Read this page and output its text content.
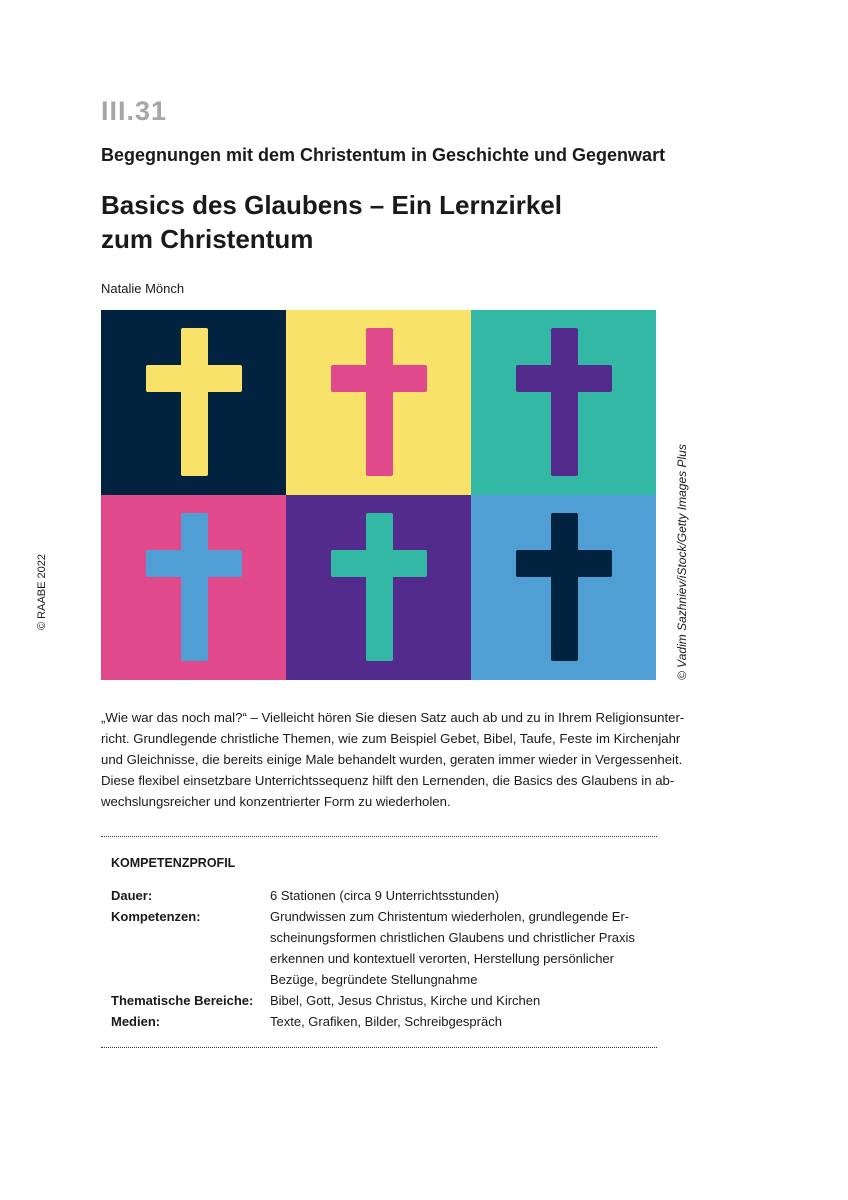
III.31
Begegnungen mit dem Christentum in Geschichte und Gegenwart
Basics des Glaubens – Ein Lernzirkel
zum Christentum
Natalie Mönch
© RAABE 2022	© Vadim Sazhniev/iStock/Getty Images Plus
„Wie war das noch mal?“ – Vielleicht hören Sie diesen Satz auch ab und zu in Ihrem Religionsunter-
richt. Grundlegende christliche Themen, wie zum Beispiel Gebet, Bibel, Taufe, Feste im Kirchenjahr
und Gleichnisse, die bereits einige Male behandelt wurden, geraten immer wieder in Vergessenheit.
Diese flexibel einsetzbare Unterrichtssequenz hilft den Lernenden, die Basics des Glaubens in ab-
wechslungsreicher und konzentrierter Form zu wiederholen.
KOMPETENZPROFIL
Dauer:	6 Stationen (circa 9 Unterrichtsstunden)
Kompetenzen:	Grundwissen zum Christentum wiederholen, grundlegende Er-
scheinungsformen christlichen Glaubens und christlicher Praxis
erkennen und kontextuell verorten, Herstellung persönlicher
Bezüge, begründete Stellungnahme
Thematische Bereiche: Bibel, Gott, Jesus Christus, Kirche und Kirchen
Medien:	Texte, Grafiken, Bilder, Schreibgespräch
